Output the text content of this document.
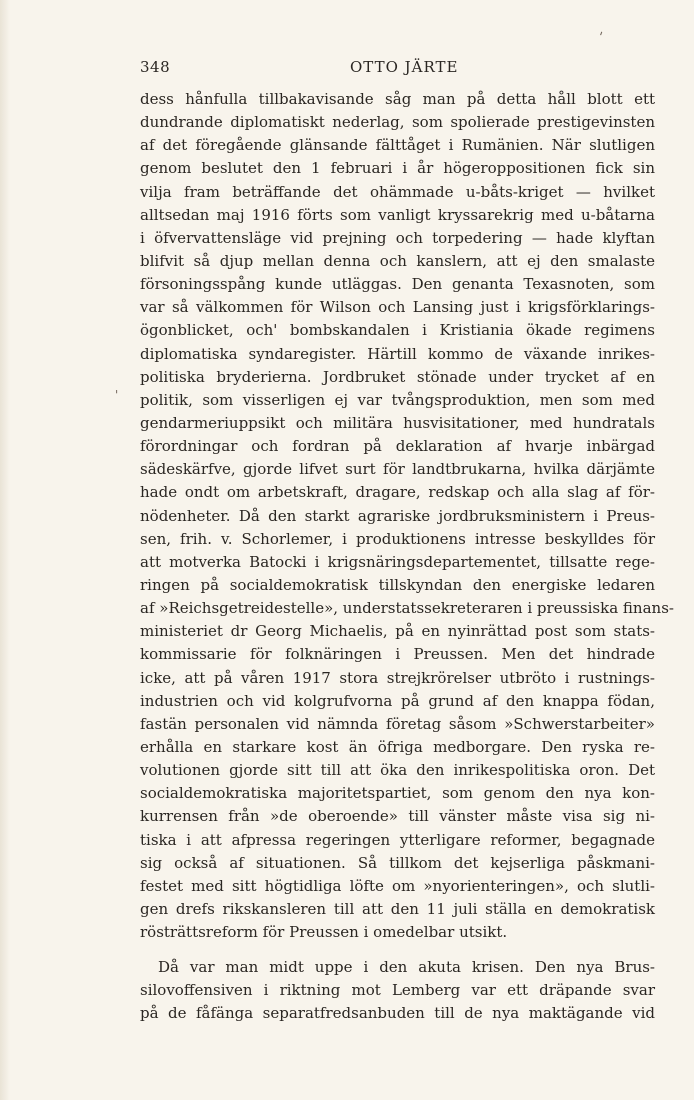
'
348	OTTO JÄRTE
'
dess hånfulla tillbakavisande såg man på detta håll blott ett
dundrande diplomatiskt nederlag, som spolierade prestigevinsten
af det föregående glänsande fälttåget i Rumänien. När slutligen
genom beslutet den 1 februari i år högeroppositionen fick sin
vilja fram beträffande det ohämmade u-båts-kriget — hvilket
alltsedan maj 1916 förts som vanligt kryssarekrig med u-båtarna
i öfvervattensläge vid prejning och torpedering — hade klyftan
blifvit så djup mellan denna och kanslern, att ej den smalaste
försoningsspång kunde utläggas. Den genanta Texasnoten, som
var så välkommen för Wilson och Lansing just i krigsförklarings-
ögonblicket, och' bombskandalen i Kristiania ökade regimens
diplomatiska syndaregister. Härtill kommo de växande inrikes-
politiska bryderierna. Jordbruket stönade under trycket af en
politik, som visserligen ej var tvångsproduktion, men som med
gendarmeriuppsikt och militära husvisitationer, med hundratals
förordningar och fordran på deklaration af hvarje inbärgad
sädeskärfve, gjorde lifvet surt för landtbrukarna, hvilka därjämte
hade ondt om arbetskraft, dragare, redskap och alla slag af för-
nödenheter. Då den starkt agrariske jordbruksministern i Preus-
sen, frih. v. Schorlemer, i produktionens intresse beskylldes för
att motverka Batocki i krigsnäringsdepartementet, tillsatte rege-
ringen på socialdemokratisk tillskyndan den energiske ledaren
af »Reichsgetreidestelle», understatssekreteraren i preussiska finans-
ministeriet dr Georg Michaelis, på en nyinrättad post som stats-
kommissarie för folknäringen i Preussen. Men det hindrade
icke, att på våren 1917 stora strejkrörelser utbröto i rustnings-
industrien och vid kolgrufvorna på grund af den knappa födan,
fastän personalen vid nämnda företag såsom »Schwerstarbeiter»
erhålla en starkare kost än öfriga medborgare. Den ryska re-
volutionen gjorde sitt till att öka den inrikespolitiska oron. Det
socialdemokratiska majoritetspartiet, som genom den nya kon-
kurrensen från »de oberoende» till vänster måste visa sig ni-
tiska i att afpressa regeringen ytterligare reformer, begagnade
sig också af situationen. Så tillkom det kejserliga påskmani-
festet med sitt högtidliga löfte om »nyorienteringen», och slutli-
gen drefs rikskansleren till att den 11 juli ställa en demokratisk
rösträttsreform för Preussen i omedelbar utsikt.
Då var man midt uppe i den akuta krisen. Den nya Brus-
silovoffensiven i riktning mot Lemberg var ett dräpande svar
på de fåfänga separatfredsanbuden till de nya maktägande vid
